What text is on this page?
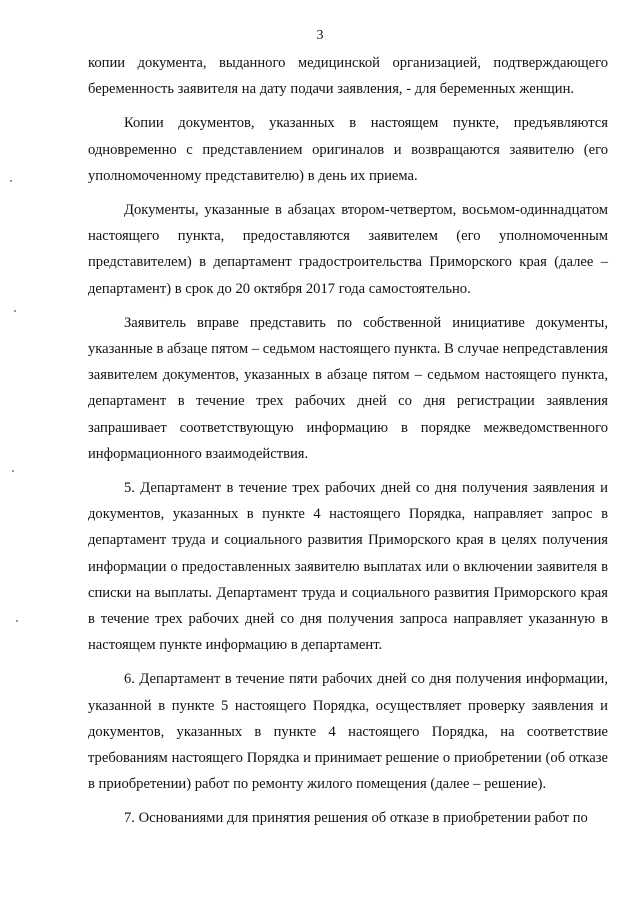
3

копии документа, выданного медицинской организацией, подтверждающего беременность заявителя на дату подачи заявления, - для беременных женщин.

Копии документов, указанных в настоящем пункте, предъявляются одновременно с представлением оригиналов и возвращаются заявителю (его уполномоченному представителю) в день их приема.

Документы, указанные в абзацах втором-четвертом, восьмом-одиннадцатом настоящего пункта, предоставляются заявителем (его уполномоченным представителем) в департамент градостроительства Приморского края (далее – департамент) в срок до 20 октября 2017 года самостоятельно.

Заявитель вправе представить по собственной инициативе документы, указанные в абзаце пятом – седьмом настоящего пункта. В случае непредставления заявителем документов, указанных в абзаце пятом – седьмом настоящего пункта, департамент в течение трех рабочих дней со дня регистрации заявления запрашивает соответствующую информацию в порядке межведомственного информационного взаимодействия.

5. Департамент в течение трех рабочих дней со дня получения заявления и документов, указанных в пункте 4 настоящего Порядка, направляет запрос в департамент труда и социального развития Приморского края в целях получения информации о предоставленных заявителю выплатах или о включении заявителя в списки на выплаты. Департамент труда и социального развития Приморского края в течение трех рабочих дней со дня получения запроса направляет указанную в настоящем пункте информацию в департамент.

6. Департамент в течение пяти рабочих дней со дня получения информации, указанной в пункте 5 настоящего Порядка, осуществляет проверку заявления и документов, указанных в пункте 4 настоящего Порядка, на соответствие требованиям настоящего Порядка и принимает решение о приобретении (об отказе в приобретении) работ по ремонту жилого помещения (далее – решение).

7. Основаниями для принятия решения об отказе в приобретении работ по
